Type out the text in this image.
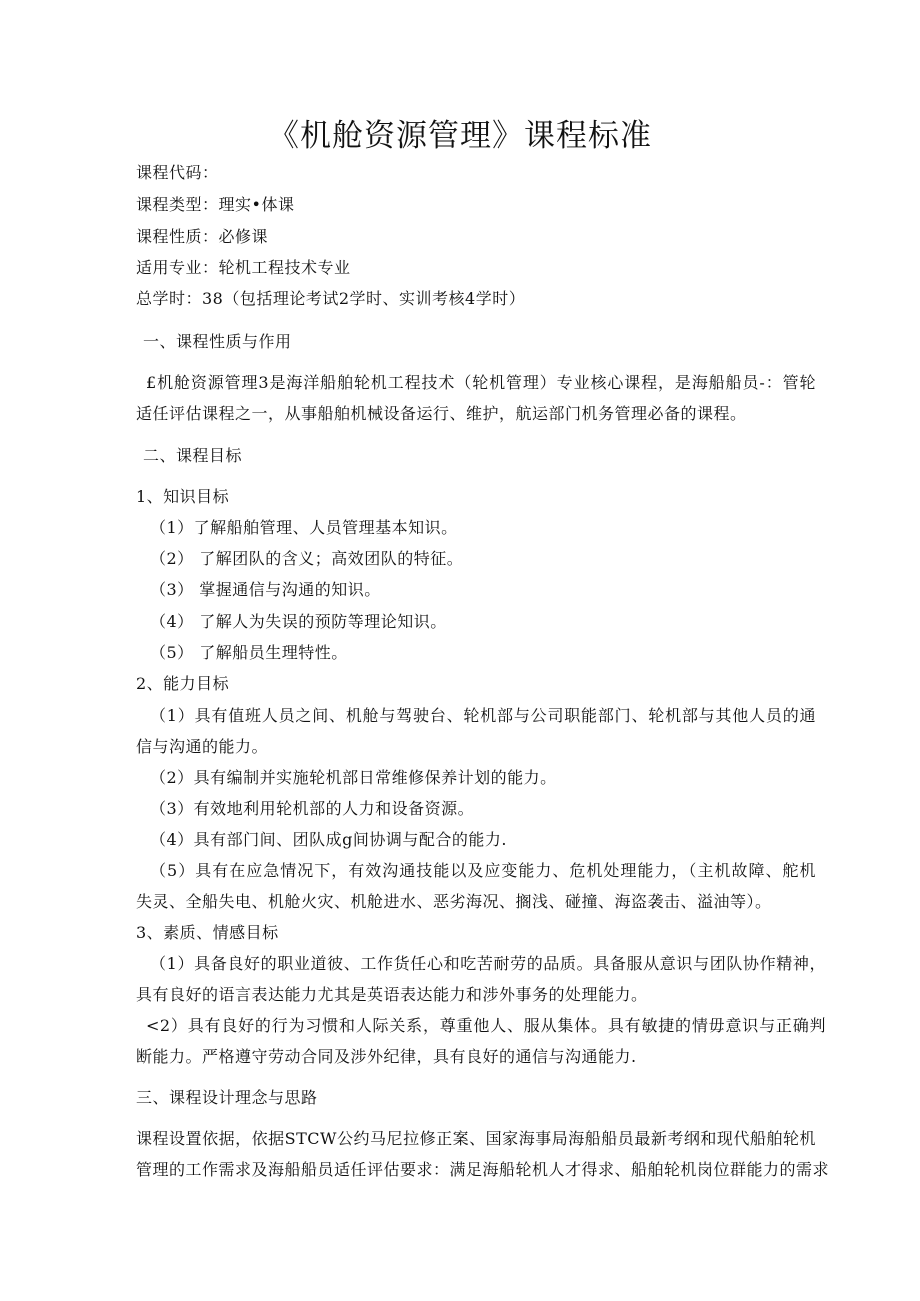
《机舱资源管理》课程标准
课程代码：
课程类型：理实•体课
课程性质：必修课
适用专业：轮机工程技术专业
总学时：38（包括理论考试2学时、实训考核4学时）
一、课程性质与作用
£机舱资源管理3是海洋船舶轮机工程技术（轮机管理）专业核心课程，是海船船员-：管轮
适任评估课程之一，从事船舶机械设备运行、维护，航运部门机务管理必备的课程。
二、课程目标
1、知识目标
（1）了解船舶管理、人员管理基本知识。
（2） 了解团队的含义；高效团队的特征。
（3） 掌握通信与沟通的知识。
（4） 了解人为失误的预防等理论知识。
（5） 了解船员生理特性。
2、能力目标
（1）具有值班人员之间、机舱与驾驶台、轮机部与公司职能部门、轮机部与其他人员的通
信与沟通的能力。
（2）具有编制并实施轮机部日常维修保养计划的能力。
（3）有效地利用轮机部的人力和设备资源。
（4）具有部门间、团队成g间协调与配合的能力.
（5）具有在应急情况下，有效沟通技能以及应变能力、危机处理能力，（主机故障、舵机
失灵、全船失电、机舱火灾、机舱进水、恶劣海况、搁浅、碰撞、海盗袭击、溢油等）。
3、素质、情感目标
（1）具备良好的职业道彼、工作货任心和吃苦耐劳的品质。具备服从意识与团队协作精神，
具有良好的语言表达能力尤其是英语表达能力和涉外事务的处理能力。
<2）具有良好的行为习惯和人际关系，尊重他人、服从集体。具有敏捷的情毋意识与正确判
断能力。严格遵守劳动合同及涉外纪律，具有良好的通信与沟通能力.
三、课程设计理念与思路
课程设置依据，依据STCW公约马尼拉修正案、国家海事局海船船员最新考纲和现代船舶轮机
管理的工作需求及海船船员适任评估要求：满足海船轮机人才得求、船舶轮机岗位群能力的需求
